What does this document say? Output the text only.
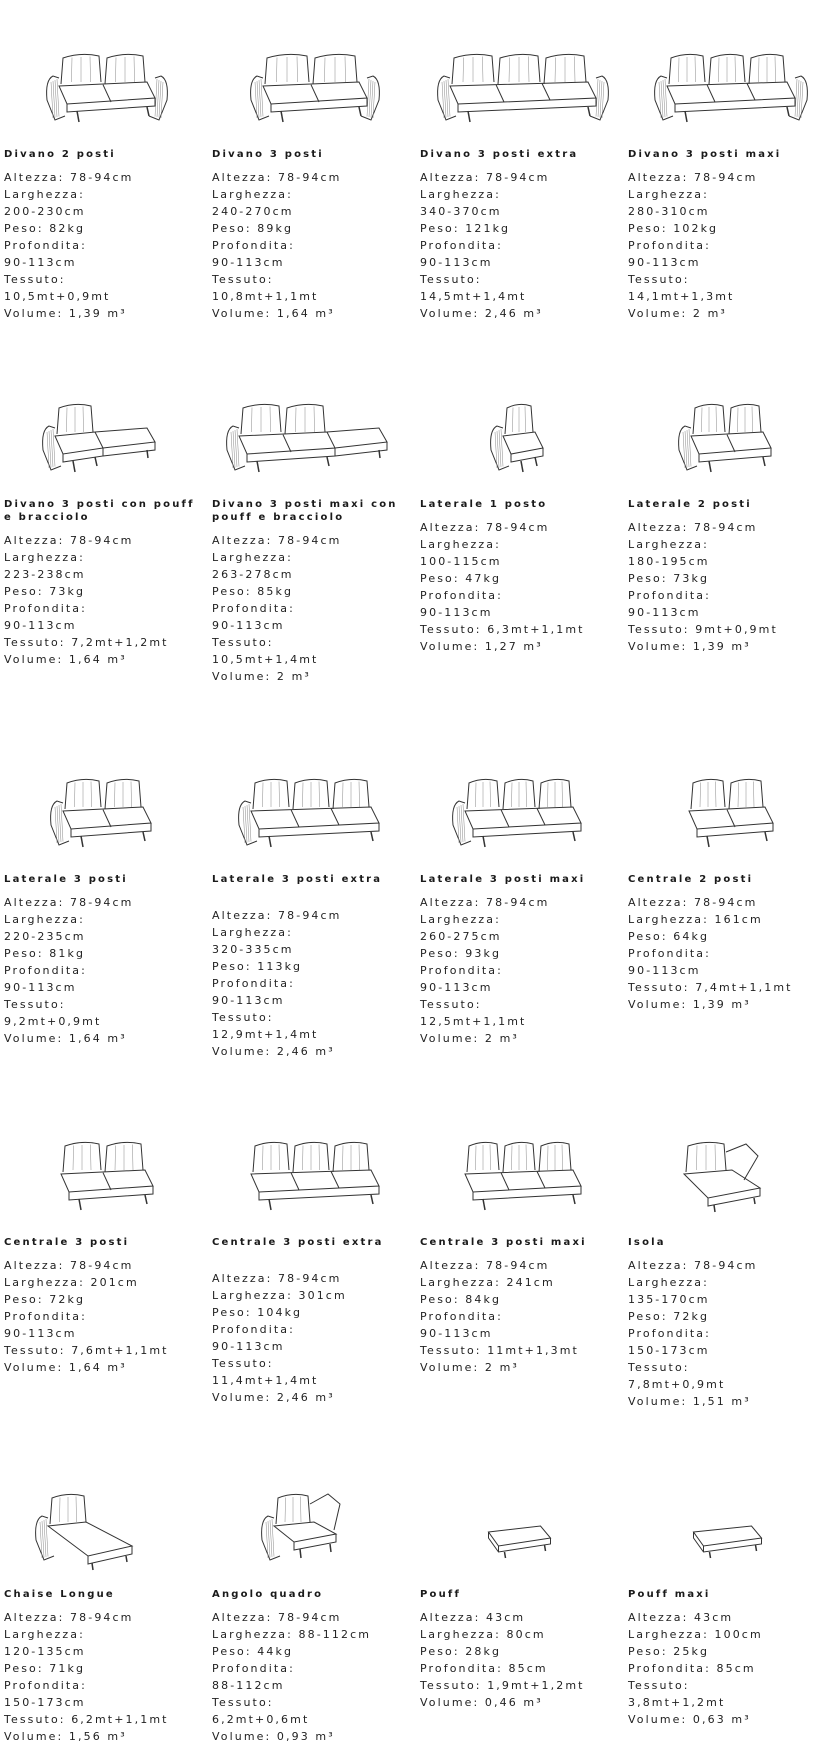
Divano 2 posti
Altezza: 78-94cm
Larghezza:
200-230cm
Peso: 82kg
Profondita:
90-113cm
Tessuto:
10,5mt+0,9mt
Volume: 1,39 m³
Divano 3 posti
Altezza: 78-94cm
Larghezza:
240-270cm
Peso: 89kg
Profondita:
90-113cm
Tessuto:
10,8mt+1,1mt
Volume: 1,64 m³
Divano 3 posti extra
Altezza: 78-94cm
Larghezza:
340-370cm
Peso: 121kg
Profondita:
90-113cm
Tessuto:
14,5mt+1,4mt
Volume: 2,46 m³
Divano 3 posti maxi
Altezza: 78-94cm
Larghezza:
280-310cm
Peso: 102kg
Profondita:
90-113cm
Tessuto:
14,1mt+1,3mt
Volume: 2 m³
Divano 3 posti con pouff e bracciolo
Altezza: 78-94cm
Larghezza:
223-238cm
Peso: 73kg
Profondita:
90-113cm
Tessuto: 7,2mt+1,2mt
Volume: 1,64 m³
Divano 3 posti maxi con pouff e bracciolo
Altezza: 78-94cm
Larghezza:
263-278cm
Peso: 85kg
Profondita:
90-113cm
Tessuto:
10,5mt+1,4mt
Volume: 2 m³
Laterale 1 posto
Altezza: 78-94cm
Larghezza:
100-115cm
Peso: 47kg
Profondita:
90-113cm
Tessuto: 6,3mt+1,1mt
Volume: 1,27 m³
Laterale 2 posti
Altezza: 78-94cm
Larghezza:
180-195cm
Peso: 73kg
Profondita:
90-113cm
Tessuto: 9mt+0,9mt
Volume: 1,39 m³
Laterale 3 posti
Altezza: 78-94cm
Larghezza:
220-235cm
Peso: 81kg
Profondita:
90-113cm
Tessuto:
9,2mt+0,9mt
Volume: 1,64 m³
Laterale 3 posti extra
Altezza: 78-94cm
Larghezza:
320-335cm
Peso: 113kg
Profondita:
90-113cm
Tessuto:
12,9mt+1,4mt
Volume: 2,46 m³
Laterale 3 posti maxi
Altezza: 78-94cm
Larghezza:
260-275cm
Peso: 93kg
Profondita:
90-113cm
Tessuto:
12,5mt+1,1mt
Volume: 2 m³
Centrale 2 posti
Altezza: 78-94cm
Larghezza: 161cm
Peso: 64kg
Profondita:
90-113cm
Tessuto: 7,4mt+1,1mt
Volume: 1,39 m³
Centrale 3 posti
Altezza: 78-94cm
Larghezza: 201cm
Peso: 72kg
Profondita:
90-113cm
Tessuto: 7,6mt+1,1mt
Volume: 1,64 m³
Centrale 3 posti extra
Altezza: 78-94cm
Larghezza: 301cm
Peso: 104kg
Profondita:
90-113cm
Tessuto:
11,4mt+1,4mt
Volume: 2,46 m³
Centrale 3 posti maxi
Altezza: 78-94cm
Larghezza: 241cm
Peso: 84kg
Profondita:
90-113cm
Tessuto: 11mt+1,3mt
Volume: 2 m³
Isola
Altezza: 78-94cm
Larghezza:
135-170cm
Peso: 72kg
Profondita:
150-173cm
Tessuto:
7,8mt+0,9mt
Volume: 1,51 m³
Chaise Longue
Altezza: 78-94cm
Larghezza:
120-135cm
Peso: 71kg
Profondita:
150-173cm
Tessuto: 6,2mt+1,1mt
Volume: 1,56 m³
Angolo quadro
Altezza: 78-94cm
Larghezza: 88-112cm
Peso: 44kg
Profondita:
88-112cm
Tessuto:
6,2mt+0,6mt
Volume: 0,93 m³
Pouff
Altezza: 43cm
Larghezza: 80cm
Peso: 28kg
Profondita: 85cm
Tessuto: 1,9mt+1,2mt
Volume: 0,46 m³
Pouff maxi
Altezza: 43cm
Larghezza: 100cm
Peso: 25kg
Profondita: 85cm
Tessuto:
3,8mt+1,2mt
Volume: 0,63 m³
